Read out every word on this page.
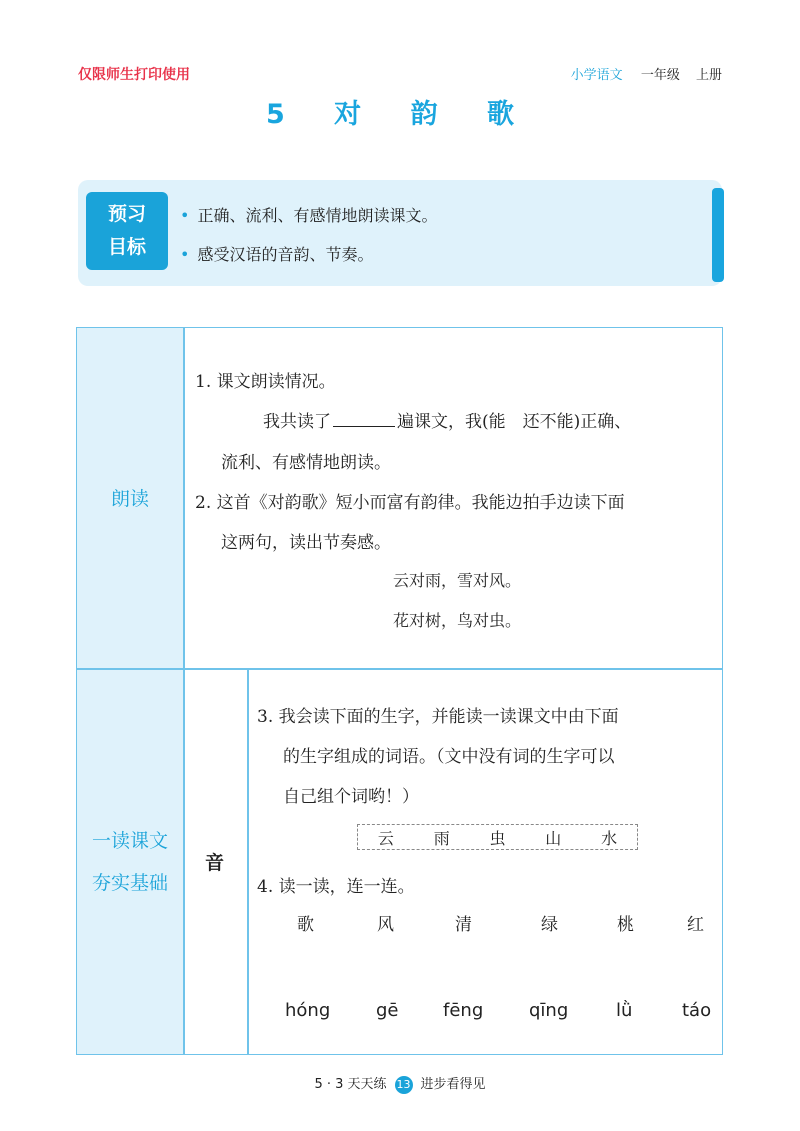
仅限师生打印使用	小学语文 一年级 上册
5 对 韵 歌
预习
目标
• 正确、流利、有感情地朗读课文。
• 感受汉语的音韵、节奏。
朗读
1. 课文朗读情况。
我共读了	遍课文，我(能　还不能)正确、
流利、有感情地朗读。
2. 这首《对韵歌》短小而富有韵律。我能边拍手边读下面
这两句，读出节奏感。
云对雨，雪对风。
花对树，鸟对虫。
一读课文
夯实基础
音
3. 我会读下面的生字，并能读一读课文中由下面
的生字组成的词语。（文中没有词的生字可以
自己组个词哟！）
云 雨 虫 山 水
4. 读一读，连一连。
歌	风	清	绿	桃	红
hóng	gē fēng	qīng	lǜ	táo
5 · 3 天天练 13 进步看得见
